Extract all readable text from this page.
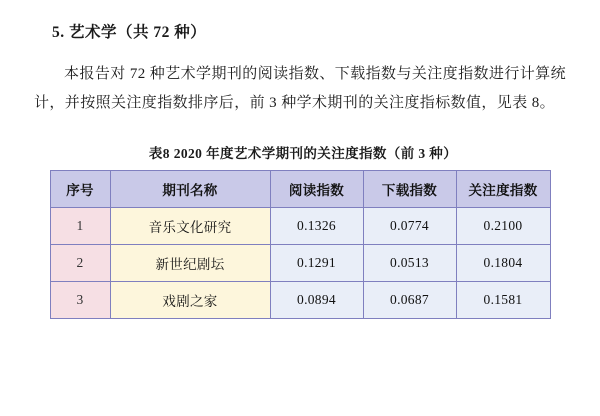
5. 艺术学（共 72 种）

本报告对 72 种艺术学期刊的阅读指数、下载指数与关注度指数进行计算统计，并按照关注度指数排序后，前 3 种学术期刊的关注度指标数值，见表 8。

表8 2020 年度艺术学期刊的关注度指数（前 3 种）
序号	期刊名称	阅读指数	下载指数	关注度指数
1	音乐文化研究	0.1326	0.0774	0.2100
2	新世纪剧坛	0.1291	0.0513	0.1804
3	戏剧之家	0.0894	0.0687	0.1581
